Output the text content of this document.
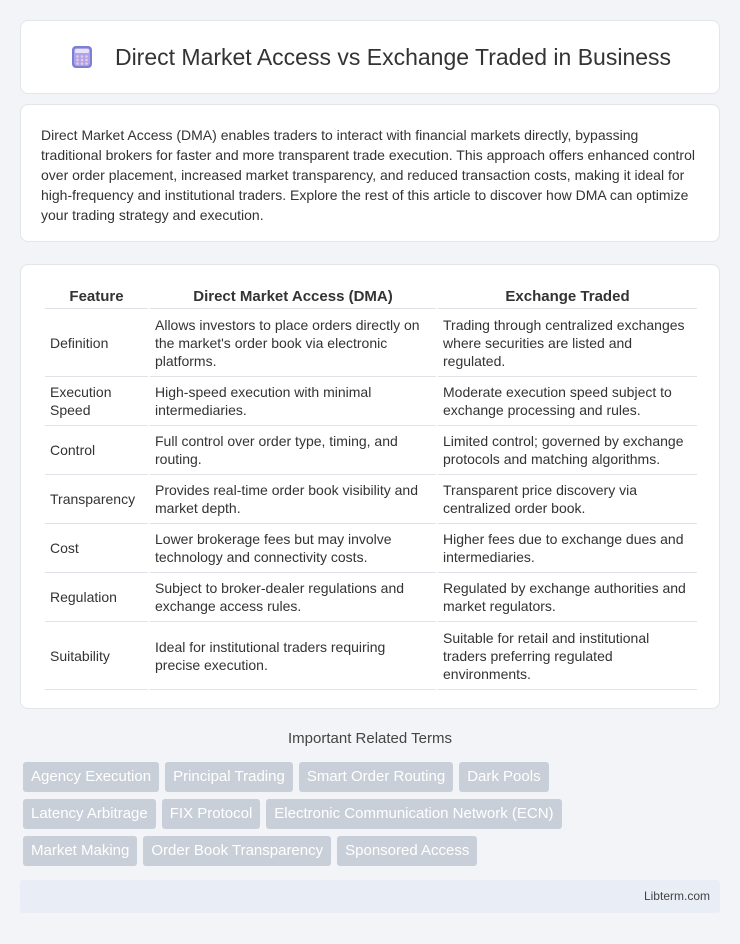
Direct Market Access vs Exchange Traded in Business

Direct Market Access (DMA) enables traders to interact with financial markets directly, bypassing traditional brokers for faster and more transparent trade execution. This approach offers enhanced control over order placement, increased market transparency, and reduced transaction costs, making it ideal for high-frequency and institutional traders. Explore the rest of this article to discover how DMA can optimize your trading strategy and execution.

Feature	Direct Market Access (DMA)	Exchange Traded
Definition	Allows investors to place orders directly on the market's order book via electronic platforms.	Trading through centralized exchanges where securities are listed and regulated.
Execution Speed	High-speed execution with minimal intermediaries.	Moderate execution speed subject to exchange processing and rules.
Control	Full control over order type, timing, and routing.	Limited control; governed by exchange protocols and matching algorithms.
Transparency	Provides real-time order book visibility and market depth.	Transparent price discovery via centralized order book.
Cost	Lower brokerage fees but may involve technology and connectivity costs.	Higher fees due to exchange dues and intermediaries.
Regulation	Subject to broker-dealer regulations and exchange access rules.	Regulated by exchange authorities and market regulators.
Suitability	Ideal for institutional traders requiring precise execution.	Suitable for retail and institutional traders preferring regulated environments.
Important Related Terms
Agency Execution	Principal Trading	Smart Order Routing	Dark Pools
Latency Arbitrage	FIX Protocol	Electronic Communication Network (ECN)
Market Making	Order Book Transparency	Sponsored Access
Libterm.com
